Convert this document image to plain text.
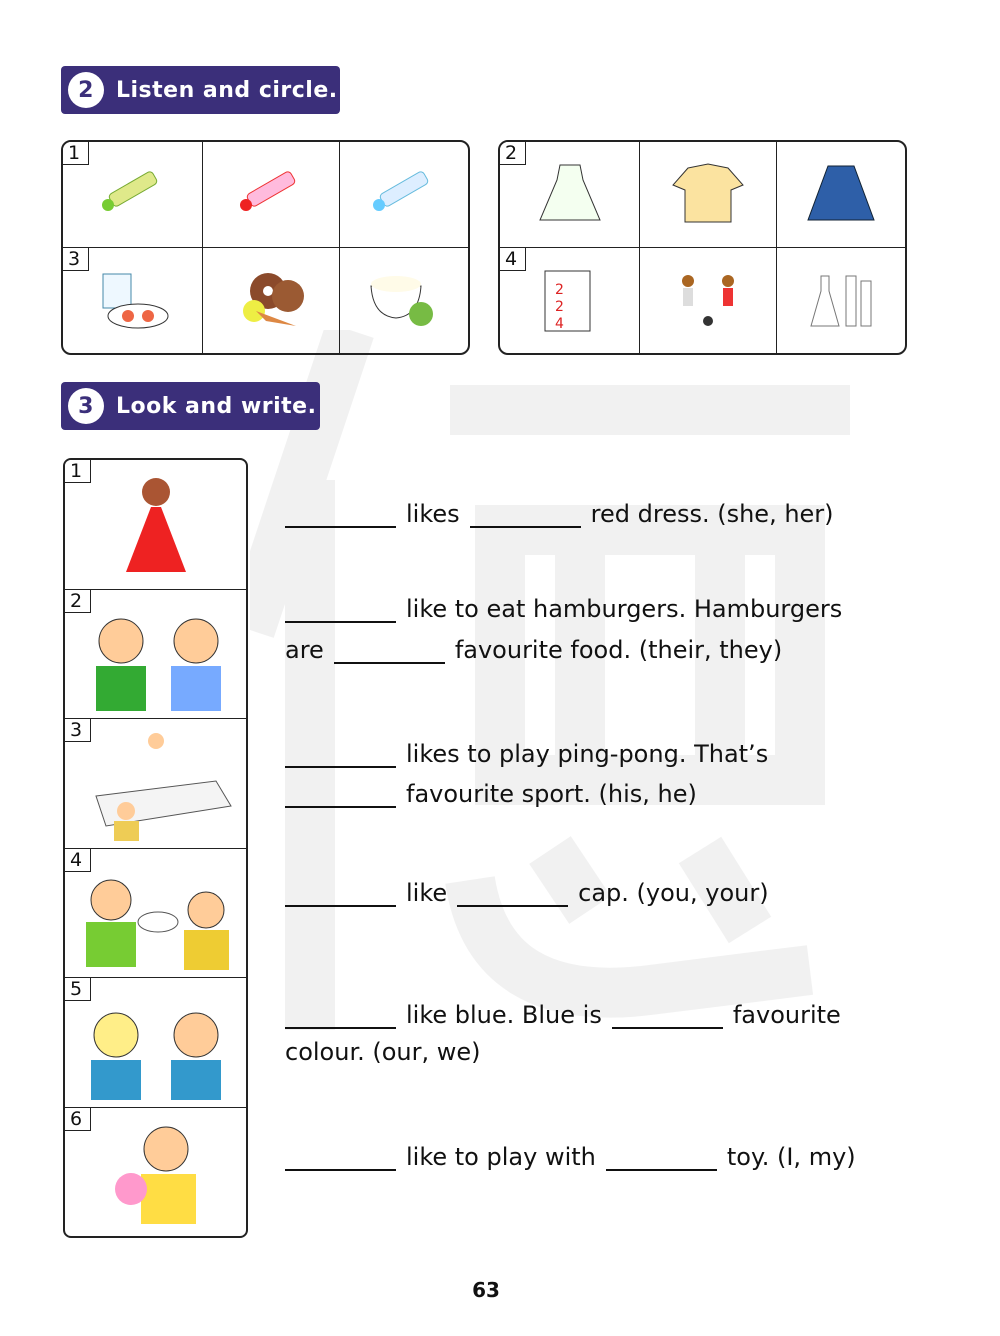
2	Listen and circle.
1
3
2
4
2
2
4
3	Look and write.
1
2
3
4
5
6
likes	red dress. (she, her)
like to eat hamburgers. Hamburgers
are	favourite food. (their, they)
likes to play ping-pong. That’s
favourite sport. (his, he)
like	cap. (you, your)
like blue. Blue is	favourite
colour. (our, we)
like to play with	toy. (I, my)
63
